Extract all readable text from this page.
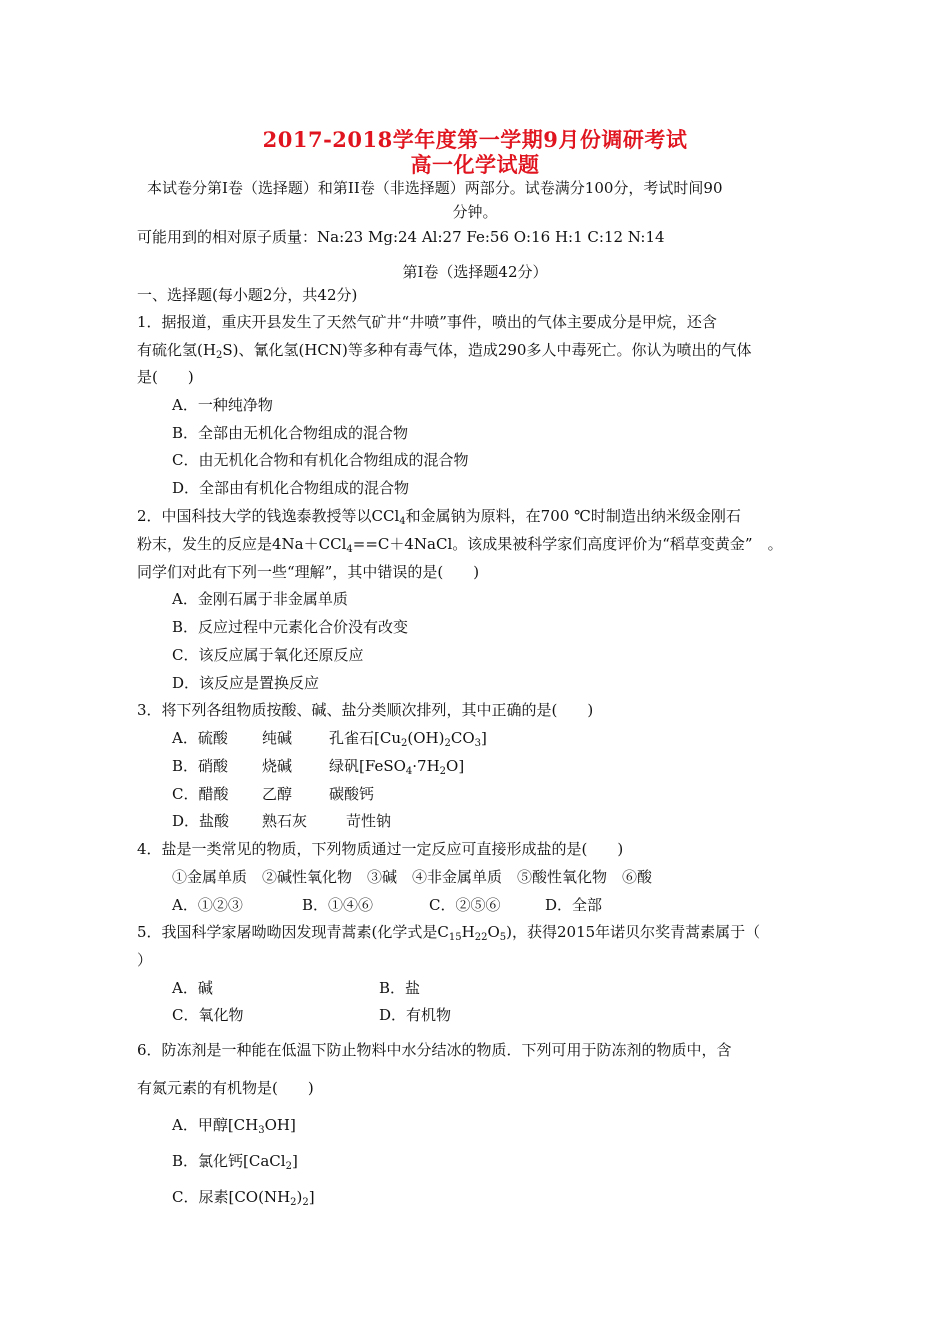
2017-2018学年度第一学期9月份调研考试
高一化学试题
本试卷分第I卷（选择题）和第II卷（非选择题）两部分。试卷满分100分，考试时间90
分钟。
可能用到的相对原子质量：Na:23 Mg:24 Al:27 Fe:56 O:16 H:1 C:12 N:14
第I卷（选择题42分）
一、选择题(每小题2分，共42分)
1．据报道，重庆开县发生了天然气矿井“井喷”事件，喷出的气体主要成分是甲烷，还含
有硫化氢$(H_2S)$、氰化氢(HCN)等多种有毒气体，造成290多人中毒死亡。你认为喷出的气体
是(　　)
A．一种纯净物
B．全部由无机化合物组成的混合物
C．由无机化合物和有机化合物组成的混合物
D．全部由有机化合物组成的混合物
2．中国科技大学的钱逸泰教授等以CCl$_4$和金属钠为原料，在700 ℃时制造出纳米级金刚石
粉末，发生的反应是4Na＋CCl$_4$==C＋4NaCl。该成果被科学家们高度评价为“稻草变黄金”　。
同学们对此有下列一些“理解”，其中错误的是(　　)
A．金刚石属于非金属单质
B．反应过程中元素化合价没有改变
C．该反应属于氧化还原反应
D．该反应是置换反应
3．将下列各组物质按酸、碱、盐分类顺次排列，其中正确的是(　　)
A．硫酸 纯碱 孔雀石$[Cu_2(OH)_2CO_3]$
B．硝酸 烧碱 绿矾$[FeSO_4\cdot 7H_2O]$
C．醋酸 乙醇 碳酸钙
D．盐酸 熟石灰	苛性钠
4．盐是一类常见的物质，下列物质通过一定反应可直接形成盐的是(　　)
①金属单质　②碱性氧化物　③碱　④非金属单质　⑤酸性氧化物　⑥酸
A．①②③	B．①④⑥	C．②⑤⑥	D．全部
5．我国科学家屠呦呦因发现青蒿素(化学式是$C_{15}H_{22}O_5$)，获得2015年诺贝尔奖青蒿素属于（
）
A．碱	B．盐
C．氧化物	D．有机物
6．防冻剂是一种能在低温下防止物料中水分结冰的物质．下列可用于防冻剂的物质中，含
有氮元素的有机物是(　　)
A．甲醇$[CH_3OH]$
B．氯化钙[CaCl$_2$]
C．尿素$[CO(NH_2)_2]$
